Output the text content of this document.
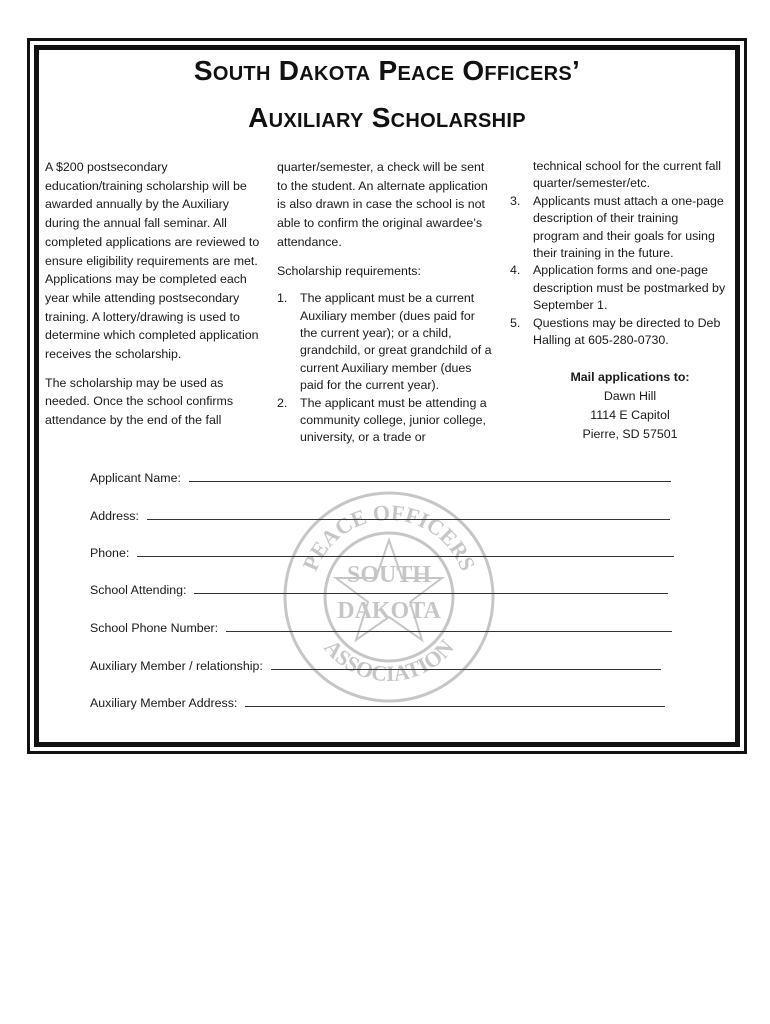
South Dakota Peace Officers’
Auxiliary Scholarship

A $200 postsecondary education/training scholarship will be awarded annually by the Auxiliary during the annual fall seminar. All completed applications are reviewed to ensure eligibility requirements are met. Applications may be completed each year while attending postsecondary training. A lottery/drawing is used to determine which completed application receives the scholarship.

The scholarship may be used as needed. Once the school confirms attendance by the end of the fall

quarter/semester, a check will be sent to the student. An alternate application is also drawn in case the school is not able to confirm the original awardee’s attendance.

Scholarship requirements:

1. The applicant must be a current Auxiliary member (dues paid for the current year); or a child, grandchild, or great grandchild of a current Auxiliary member (dues paid for the current year).
2. The applicant must be attending a community college, junior college, university, or a trade or
technical school for the current fall quarter/semester/etc.
3. Applicants must attach a one-page description of their training program and their goals for using their training in the future.
4. Application forms and one-page description must be postmarked by September 1.
5. Questions may be directed to Deb Halling at 605-280-0730.
Mail applications to:
Dawn Hill
1114 E Capitol
Pierre, SD 57501
PEACE OFFICERS
ASSOCIATION
SOUTH
DAKOTA
Applicant Name:
Address:
Phone:
School Attending:
School Phone Number:
Auxiliary Member / relationship:
Auxiliary Member Address:
